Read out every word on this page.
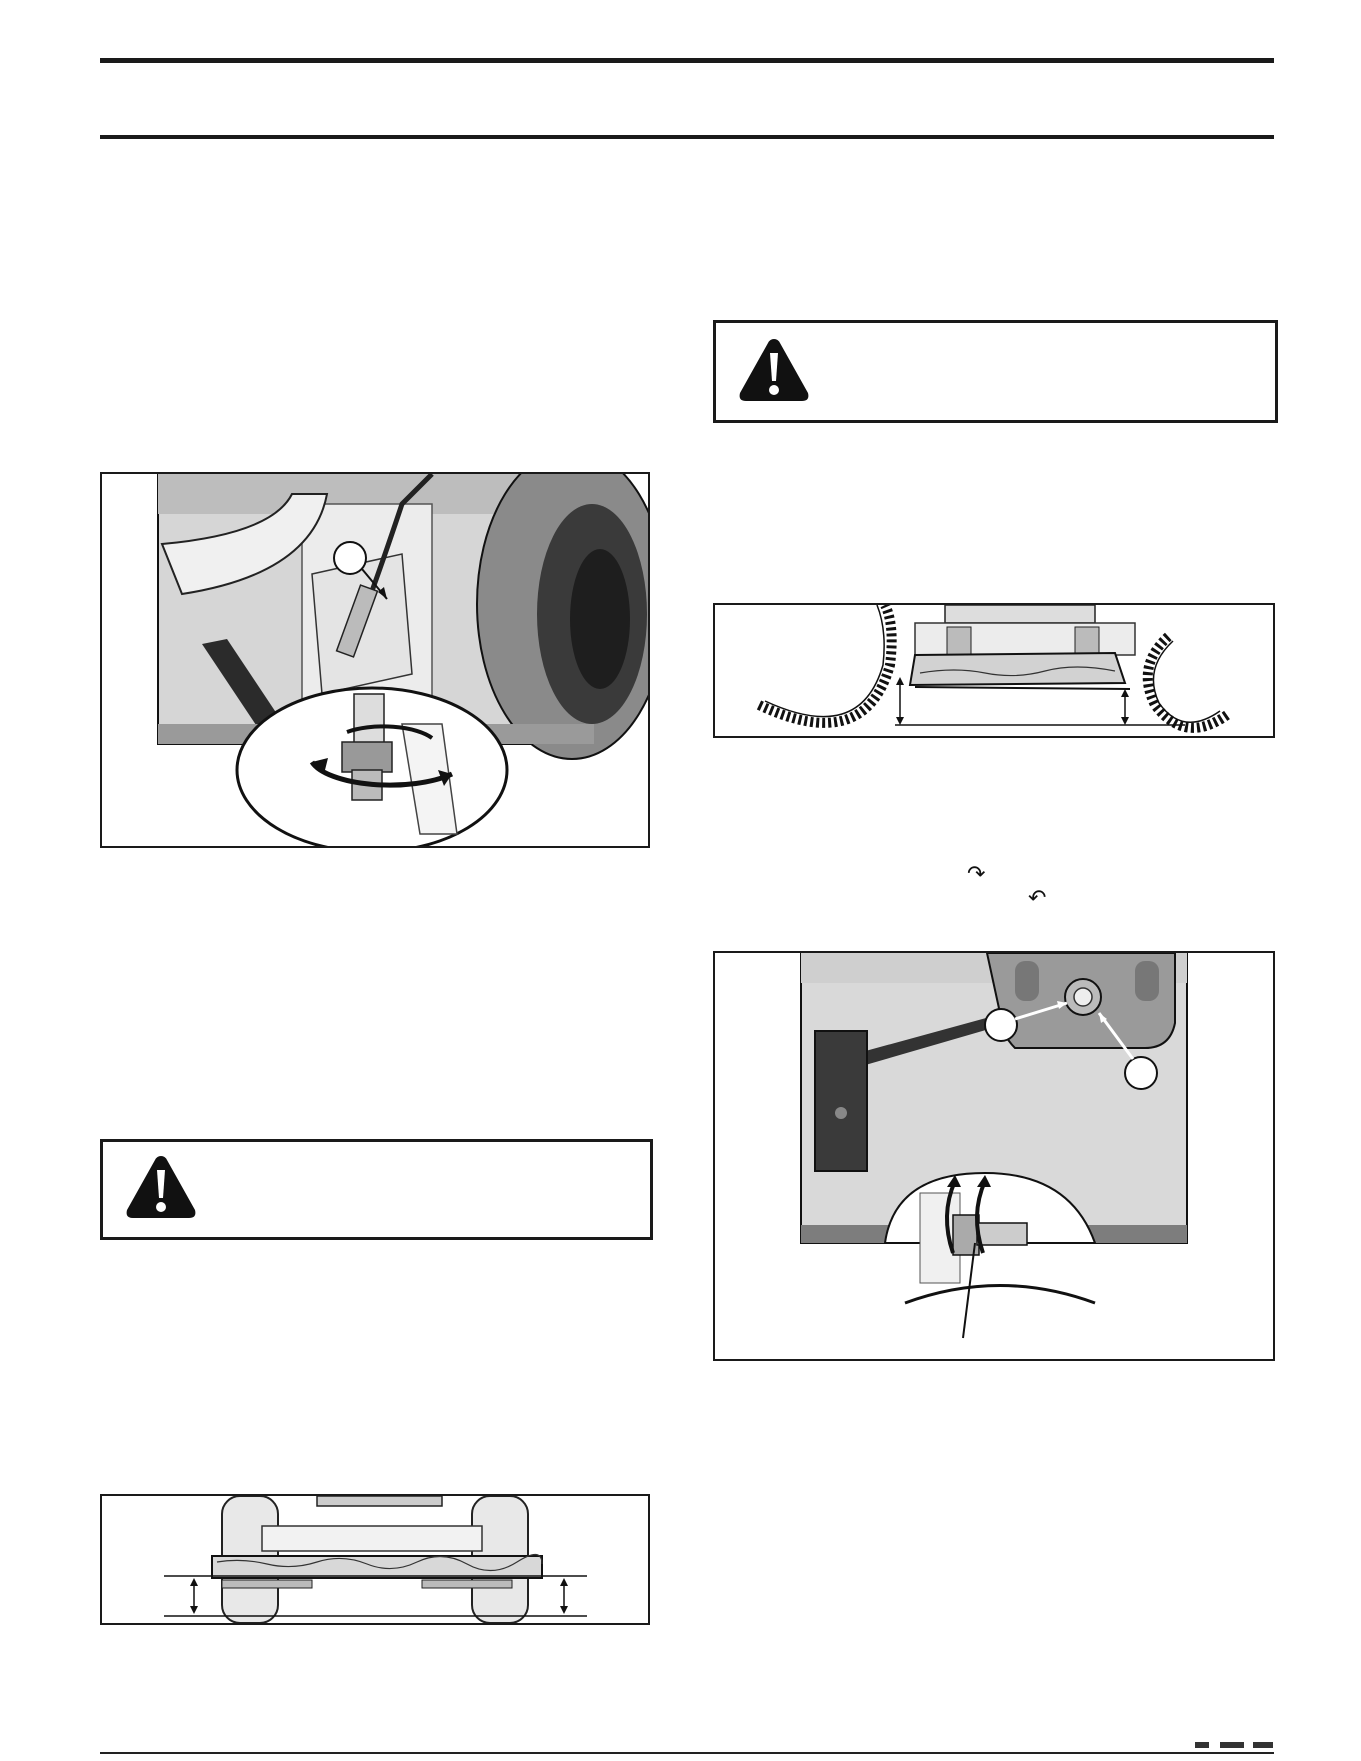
↷
↶
